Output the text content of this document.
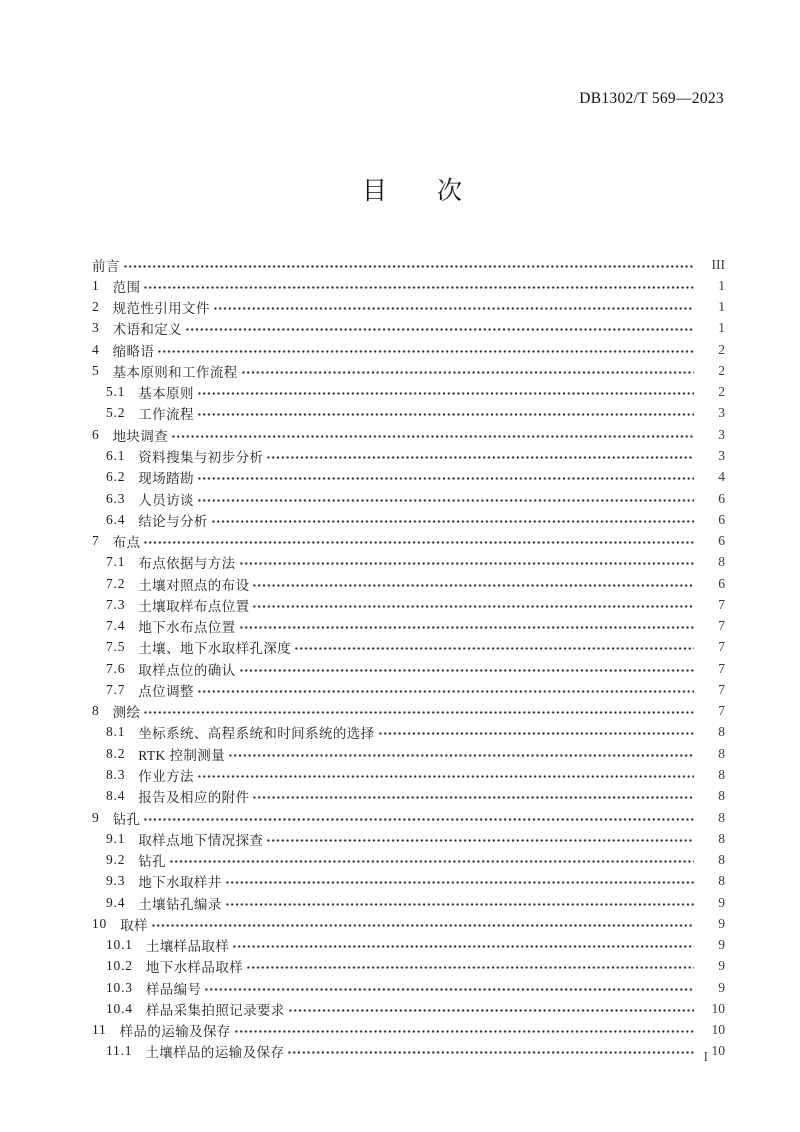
DB1302/T 569—2023
目　　次
前言	III
1 范围	1
2 规范性引用文件	1
3 术语和定义	1
4 缩略语	2
5 基本原则和工作流程	2
5.1 基本原则	2
5.2 工作流程	3
6 地块调查	3
6.1 资料搜集与初步分析	3
6.2 现场踏勘	4
6.3 人员访谈	6
6.4 结论与分析	6
7 布点	6
7.1 布点依据与方法	8
7.2 土壤对照点的布设	6
7.3 土壤取样布点位置	7
7.4 地下水布点位置	7
7.5 土壤、地下水取样孔深度	7
7.6 取样点位的确认	7
7.7 点位调整	7
8 测绘	7
8.1 坐标系统、高程系统和时间系统的选择	8
8.2 RTK 控制测量	8
8.3 作业方法	8
8.4 报告及相应的附件	8
9 钻孔	8
9.1 取样点地下情况探查	8
9.2 钻孔	8
9.3 地下水取样井	8
9.4 土壤钻孔编录	9
10 取样	9
10.1 土壤样品取样	9
10.2 地下水样品取样	9
10.3 样品编号	9
10.4 样品采集拍照记录要求	10
11 样品的运输及保存	10
11.1 土壤样品的运输及保存	10
I
